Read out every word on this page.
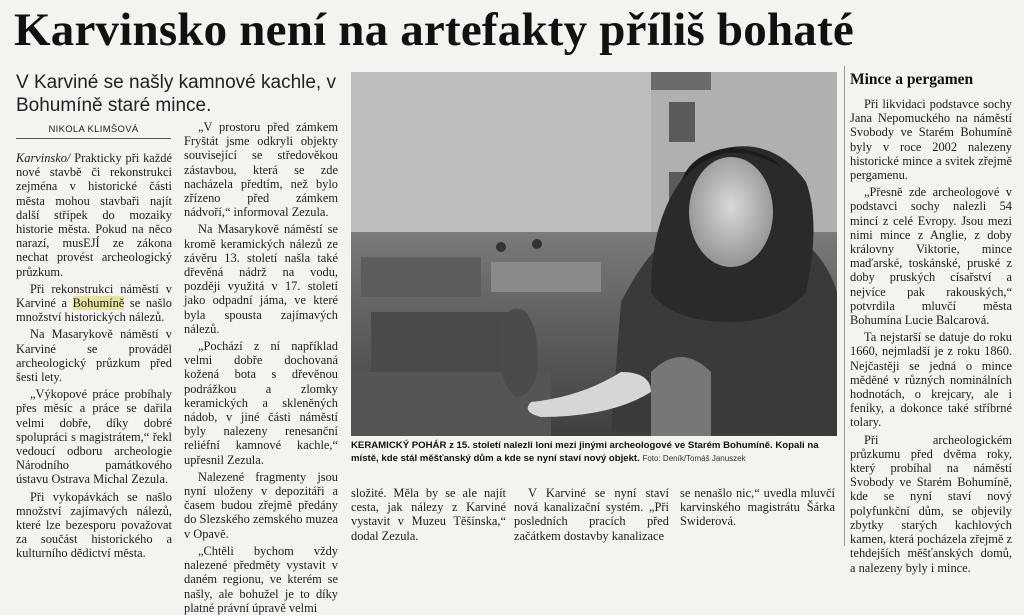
Karvinsko není na artefakty příliš bohaté
V Karviné se našly kamnové kachle, v Bohumíně staré mince.
NIKOLA KLIMŠOVÁ

Karvinsko/ Prakticky při každé nové stavbě či rekonstrukci zejména v historické části města mohou stavbaři najít další střípek do mozaiky historie města. Pokud na něco narazí, musEJÍ ze zákona nechat provést archeologický průzkum.

Při rekonstrukci náměstí v Karviné a Bohumíně se našlo množství historických nálezů.

Na Masarykově náměstí v Karviné se prováděl archeologický průzkum před šesti lety.

„Výkopové práce probíhaly přes měsíc a práce se dařila velmi dobře, díky dobré spolupráci s magistrátem,“ řekl vedoucí odboru archeologie Národního památkového ústavu Ostrava Michal Zezula.

Při vykopávkách se našlo množství zajímavých nálezů, které lze bezesporu považovat za součást historického a kulturního dědictví města.

„V prostoru před zámkem Fryštát jsme odkryli objekty související se středověkou zástavbou, která se zde nacházela předtím, než bylo zřízeno před zámkem nádvoří,“ informoval Zezula.

Na Masarykově náměstí se kromě keramických nálezů ze závěru 13. století našla také dřevěná nádrž na vodu, později využitá v 17. století jako odpadní jáma, ve které byla spousta zajímavých nálezů.

„Pochází z ní například velmi dobře dochovaná kožená bota s dřevěnou podrážkou a zlomky keramických a skleněných nádob, v jiné části náměstí byly nalezeny renesanční reliéfní kamnové kachle,“ upřesnil Zezula.

Nalezené fragmenty jsou nyní uloženy v depozitáři a časem budou zřejmě předány do Slezského zemského muzea v Opavě.

„Chtěli bychom vždy nalezené předměty vystavit v daném regionu, ve kterém se našly, ale bohužel je to díky platné právní úpravě velmi

KERAMICKÝ POHÁR z 15. století nalezli loni mezi jinými archeologové ve Starém Bohumíně. Kopali na místě, kde stál měšťanský dům a kde se nyní staví nový objekt. Foto: Deník/Tomáš Januszek

složité. Měla by se ale najít cesta, jak nálezy z Karviné vystavit v Muzeu Těšínska,“ dodal Zezula.

V Karviné se nyní staví nová kanalizační systém. „Při posledních pracích před začátkem dostavby kanalizace

se nenašlo nic,“ uvedla mluvčí karvinského magistrátu Šárka Swiderová.

Mince a pergamen

Při likvidaci podstavce sochy Jana Nepomuckého na náměstí Svobody ve Starém Bohumíně byly v roce 2002 nalezeny historické mince a svitek zřejmě pergamenu.

„Přesně zde archeologové v podstavci sochy nalezli 54 mincí z celé Evropy. Jsou mezi nimi mince z Anglie, z doby královny Viktorie, mince maďarské, toskánské, pruské z doby pruských císařství a nejvíce pak rakouských,“ potvrdila mluvčí města Bohumína Lucie Balcarová.

Ta nejstarší se datuje do roku 1660, nejmladší je z roku 1860. Nejčastěji se jedná o mince měděné v různých nominálních hodnotách, o krejcary, ale i feniky, a dokonce také stříbrné tolary.

Při archeologickém průzkumu před dvěma roky, který probíhal na náměstí Svobody ve Starém Bohumíně, kde se nyní staví nový polyfunkční dům, se objevily zbytky starých kachlových kamen, která pocházela zřejmě z tehdejších měšťanských domů, a nalezeny byly i mince.
